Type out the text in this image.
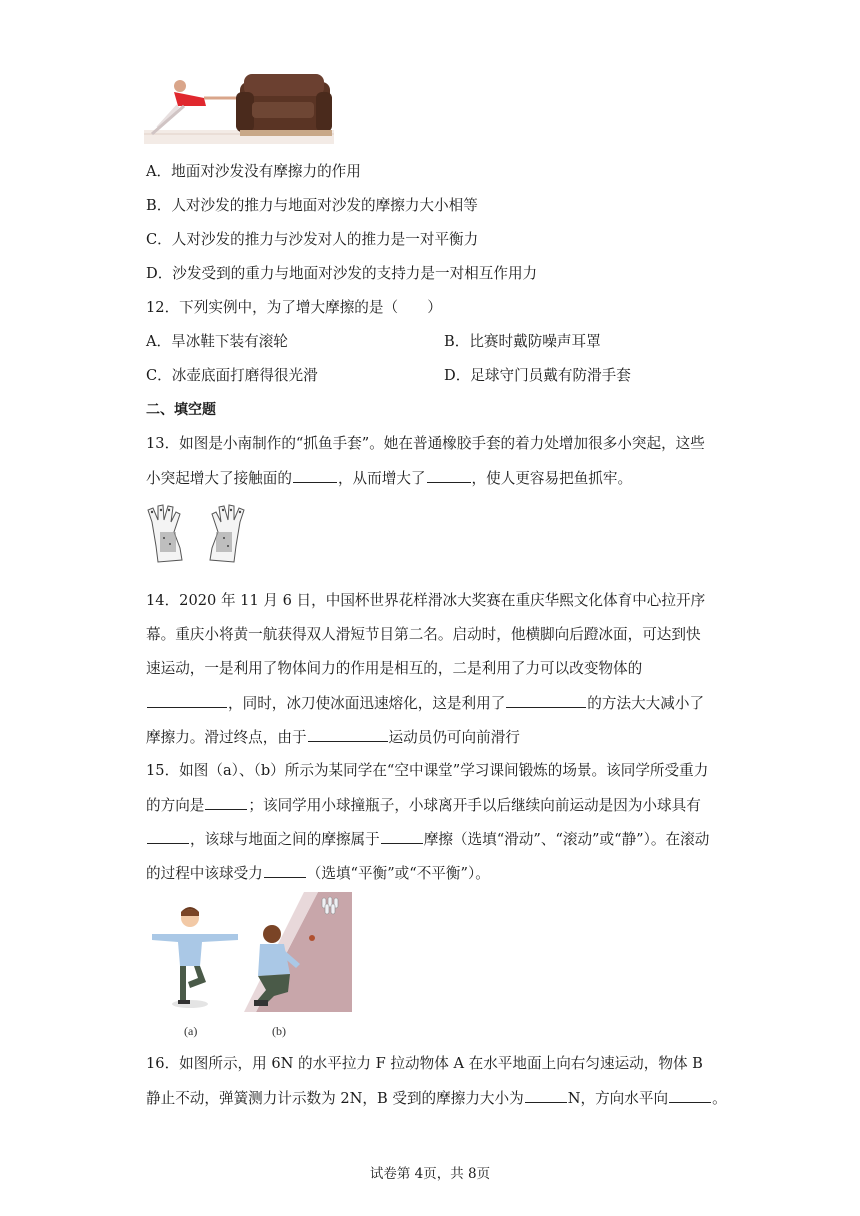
A．地面对沙发没有摩擦力的作用
B．人对沙发的推力与地面对沙发的摩擦力大小相等
C．人对沙发的推力与沙发对人的推力是一对平衡力
D．沙发受到的重力与地面对沙发的支持力是一对相互作用力
12．下列实例中，为了增大摩擦的是（　　）
A．旱冰鞋下装有滚轮	B．比赛时戴防噪声耳罩
C．冰壶底面打磨得很光滑	D．足球守门员戴有防滑手套
二、填空题
13．如图是小南制作的“抓鱼手套”。她在普通橡胶手套的着力处增加很多小突起，这些
小突起增大了接触面的	，从而增大了	，使人更容易把鱼抓牢。
14．2020 年 11 月 6 日，中国杯世界花样滑冰大奖赛在重庆华熙文化体育中心拉开序
幕。重庆小将黄一航获得双人滑短节目第二名。启动时，他横脚向后蹬冰面，可达到快
速运动，一是利用了物体间力的作用是相互的，二是利用了力可以改变物体的
，同时，冰刀使冰面迅速熔化，这是利用了	的方法大大减小了
摩擦力。滑过终点，由于	运动员仍可向前滑行
15．如图（a）、（b）所示为某同学在“空中课堂”学习课间锻炼的场景。该同学所受重力
的方向是	；该同学用小球撞瓶子，小球离开手以后继续向前运动是因为小球具有
，该球与地面之间的摩擦属于	摩擦（选填“滑动”、“滚动”或“静”）。在滚动
的过程中该球受力	（选填“平衡”或“不平衡”）。
(a)	(b)
16．如图所示，用 6N 的水平拉力 F 拉动物体 A 在水平地面上向右匀速运动，物体 B
静止不动，弹簧测力计示数为 2N，B 受到的摩擦力大小为	N，方向水平向	。
试卷第 4页，共 8页
